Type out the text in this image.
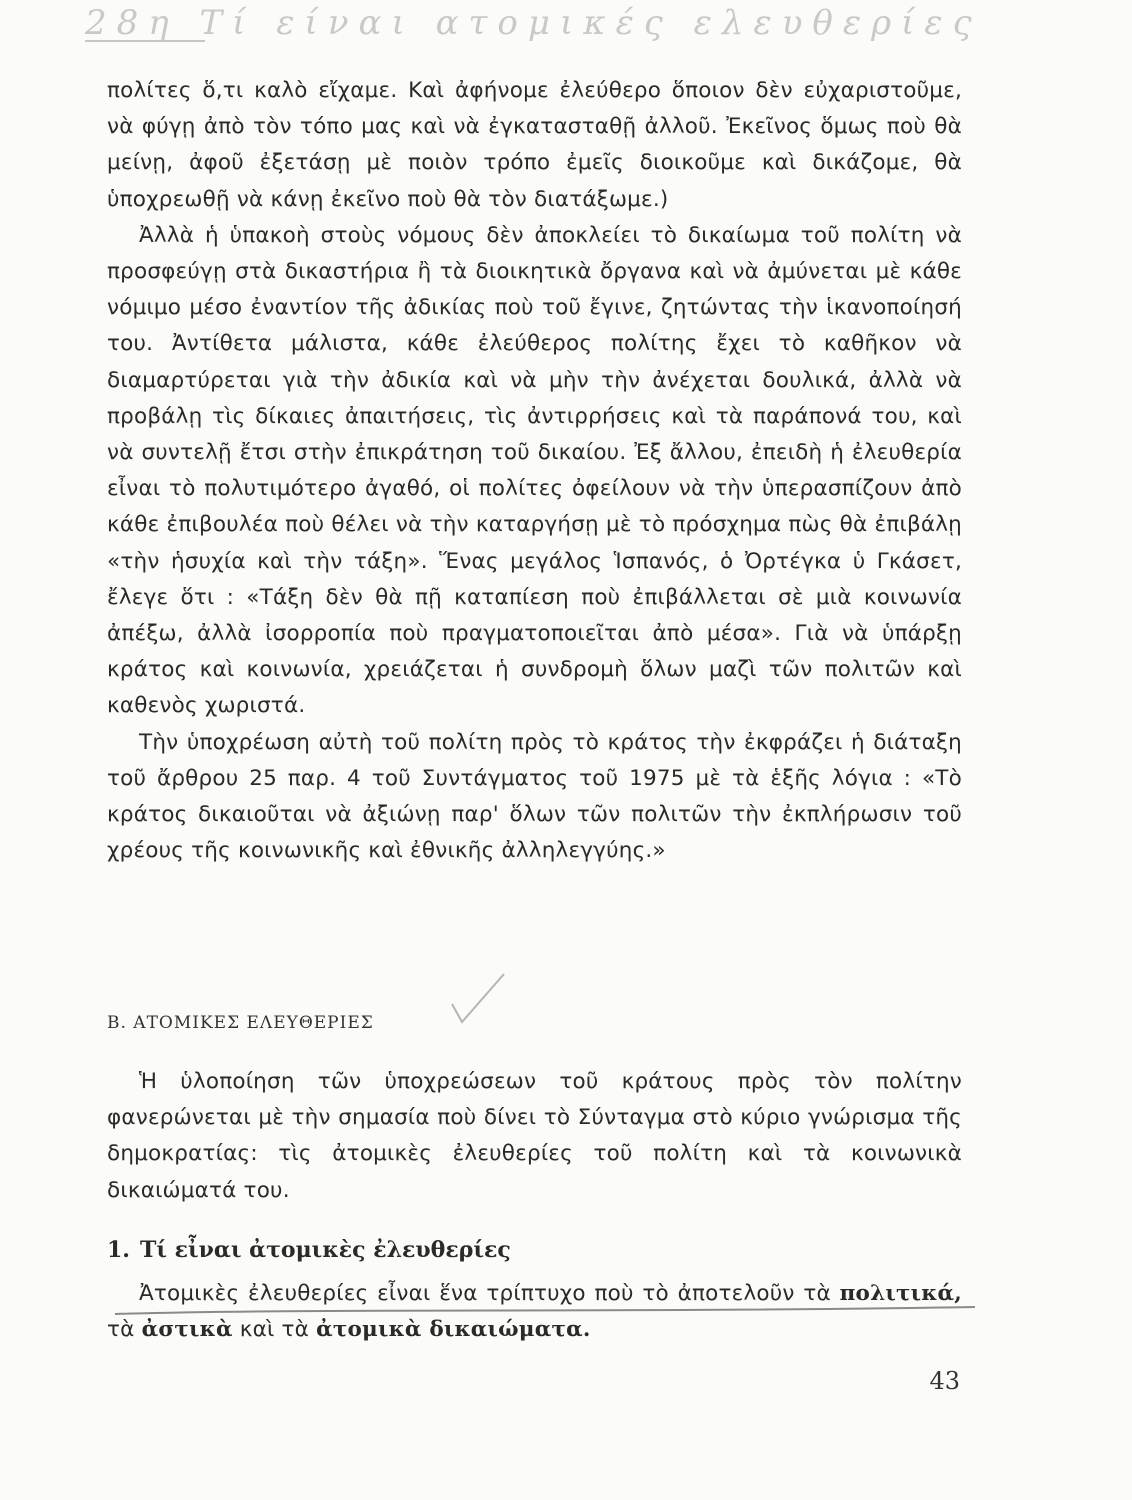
28η Τί είναι ατομικές ελευθερίες

πολίτες ὅ,τι καλὸ εἴχαμε. Καὶ ἀφήνομε ἐλεύθερο ὅποιον δὲν εὐχαριστοῦμε, νὰ φύγῃ ἀπὸ τὸν τόπο μας καὶ νὰ ἐγκατασταθῇ ἀλλοῦ. Ἐκεῖνος ὅμως ποὺ θὰ μείνῃ, ἀφοῦ ἐξετάσῃ μὲ ποιὸν τρόπο ἐμεῖς διοικοῦμε καὶ δικάζομε, θὰ ὑποχρεωθῇ νὰ κάνῃ ἐκεῖνο ποὺ θὰ τὸν διατάξωμε.)

Ἀλλὰ ἡ ὑπακοὴ στοὺς νόμους δὲν ἀποκλείει τὸ δικαίωμα τοῦ πολίτη νὰ προσφεύγῃ στὰ δικαστήρια ἢ τὰ διοικητικὰ ὄργανα καὶ νὰ ἀμύνεται μὲ κάθε νόμιμο μέσο ἐναντίον τῆς ἀδικίας ποὺ τοῦ ἔγινε, ζητώντας τὴν ἱκανοποίησή του. Ἀντίθετα μάλιστα, κάθε ἐλεύθερος πολίτης ἔχει τὸ καθῆκον νὰ διαμαρτύρεται γιὰ τὴν ἀδικία καὶ νὰ μὴν τὴν ἀνέχεται δουλικά, ἀλλὰ νὰ προβάλῃ τὶς δίκαιες ἀπαιτήσεις, τὶς ἀντιρρήσεις καὶ τὰ παράπονά του, καὶ νὰ συντελῇ ἔτσι στὴν ἐπικράτηση τοῦ δικαίου. Ἐξ ἄλλου, ἐπειδὴ ἡ ἐλευθερία εἶναι τὸ πολυτιμότερο ἀγαθό, οἱ πολίτες ὀφείλουν νὰ τὴν ὑπερασπίζουν ἀπὸ κάθε ἐπιβουλέα ποὺ θέλει νὰ τὴν καταργήσῃ μὲ τὸ πρόσχημα πὼς θὰ ἐπιβάλῃ «τὴν ἡσυχία καὶ τὴν τάξη». Ἕνας μεγάλος Ἱσπανός, ὁ Ὀρτέγκα ὑ Γκάσετ, ἔλεγε ὅτι : «Τάξη δὲν θὰ πῇ καταπίεση ποὺ ἐπιβάλλεται σὲ μιὰ κοινωνία ἀπέξω, ἀλλὰ ἰσορροπία ποὺ πραγματοποιεῖται ἀπὸ μέσα». Γιὰ νὰ ὑπάρξῃ κράτος καὶ κοινωνία, χρειάζεται ἡ συνδρομὴ ὅλων μαζὶ τῶν πολιτῶν καὶ καθενὸς χωριστά.

Τὴν ὑποχρέωση αὐτὴ τοῦ πολίτη πρὸς τὸ κράτος τὴν ἐκφράζει ἡ διάταξη τοῦ ἄρθρου 25 παρ. 4 τοῦ Συντάγματος τοῦ 1975 μὲ τὰ ἑξῆς λόγια : «Τὸ κράτος δικαιοῦται νὰ ἀξιώνῃ παρ' ὅλων τῶν πολιτῶν τὴν ἐκπλήρωσιν τοῦ χρέους τῆς κοινωνικῆς καὶ ἐθνικῆς ἀλληλεγγύης.»

Β. ΑΤΟΜΙΚΕΣ ΕΛΕΥΘΕΡΙΕΣ

Ἡ ὑλοποίηση τῶν ὑποχρεώσεων τοῦ κράτους πρὸς τὸν πολίτην φανερώνεται μὲ τὴν σημασία ποὺ δίνει τὸ Σύνταγμα στὸ κύριο γνώρισμα τῆς δημοκρατίας: τὶς ἀτομικὲς ἐλευθερίες τοῦ πολίτη καὶ τὰ κοινωνικὰ δικαιώματά του.

1. Τί εἶναι ἀτομικὲς ἐλευθερίες

Ἀτομικὲς ἐλευθερίες εἶναι ἕνα τρίπτυχο ποὺ τὸ ἀποτελοῦν τὰ πολιτικά, τὰ ἀστικὰ καὶ τὰ ἀτομικὰ δικαιώματα.

43
